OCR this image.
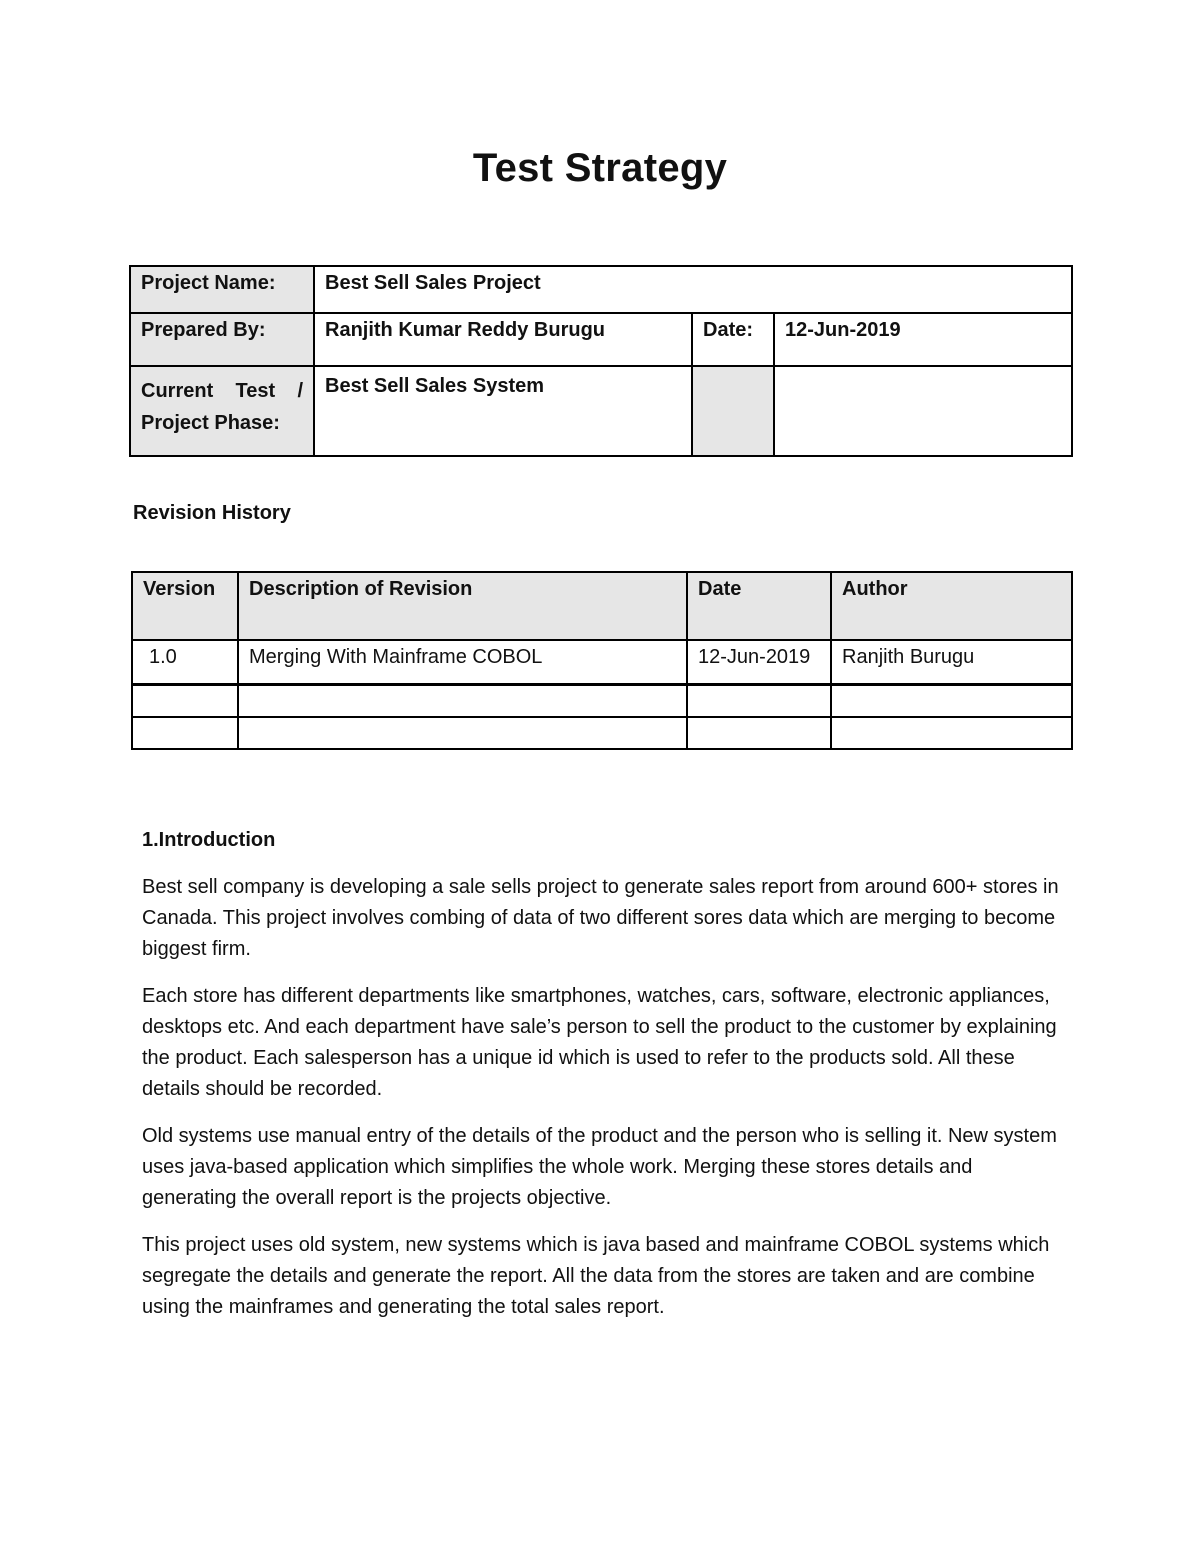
Test Strategy
Project Name:	Best Sell Sales Project		
Prepared By:	Ranjith Kumar Reddy Burugu	Date:	12-Jun-2019

Current Test /
Project Phase:	Best Sell Sales System		
Revision History
Version	Description of Revision	Date	Author
1.0	Merging With Mainframe COBOL	12-Jun-2019	Ranjith Burugu

1.Introduction

Best sell company is developing a sale sells project to generate sales report from around 600+ stores in Canada. This project involves combing of data of two different sores data which are merging to become biggest firm.

Each store has different departments like smartphones, watches, cars, software, electronic appliances, desktops etc. And each department have sale’s person to sell the product to the customer by explaining the product. Each salesperson has a unique id which is used to refer to the products sold. All these details should be recorded.

Old systems use manual entry of the details of the product and the person who is selling it. New system uses java-based application which simplifies the whole work. Merging these stores details and generating the overall report is the projects objective.

This project uses old system, new systems which is java based and mainframe COBOL systems which segregate the details and generate the report. All the data from the stores are taken and are combine using the mainframes and generating the total sales report.
